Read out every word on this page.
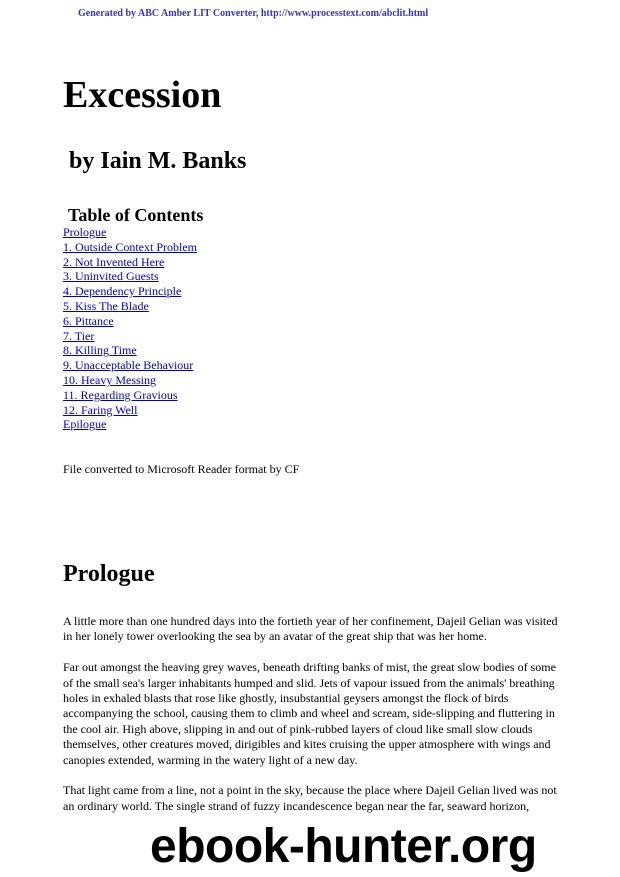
Generated by ABC Amber LIT Converter, http://www.processtext.com/abclit.html
Excession
by Iain M. Banks
Table of Contents
Prologue
1. Outside Context Problem
2. Not Invented Here
3. Uninvited Guests
4. Dependency Principle
5. Kiss The Blade
6. Pittance
7. Tier
8. Killing Time
9. Unacceptable Behaviour
10. Heavy Messing
11. Regarding Gravious
12. Faring Well
Epilogue

File converted to Microsoft Reader format by CF

Prologue

A little more than one hundred days into the fortieth year of her confinement, Dajeil Gelian was visited in her lonely tower overlooking the sea by an avatar of the great ship that was her home.

Far out amongst the heaving grey waves, beneath drifting banks of mist, the great slow bodies of some of the small sea's larger inhabitants humped and slid. Jets of vapour issued from the animals' breathing holes in exhaled blasts that rose like ghostly, insubstantial geysers amongst the flock of birds accompanying the school, causing them to climb and wheel and scream, side-slipping and fluttering in the cool air. High above, slipping in and out of pink-rubbed layers of cloud like small slow clouds themselves, other creatures moved, dirigibles and kites cruising the upper atmosphere with wings and canopies extended, warming in the watery light of a new day.

That light came from a line, not a point in the sky, because the place where Dajeil Gelian lived was not an ordinary world. The single strand of fuzzy incandescence began near the far, seaward horizon,

ebook-hunter.org
